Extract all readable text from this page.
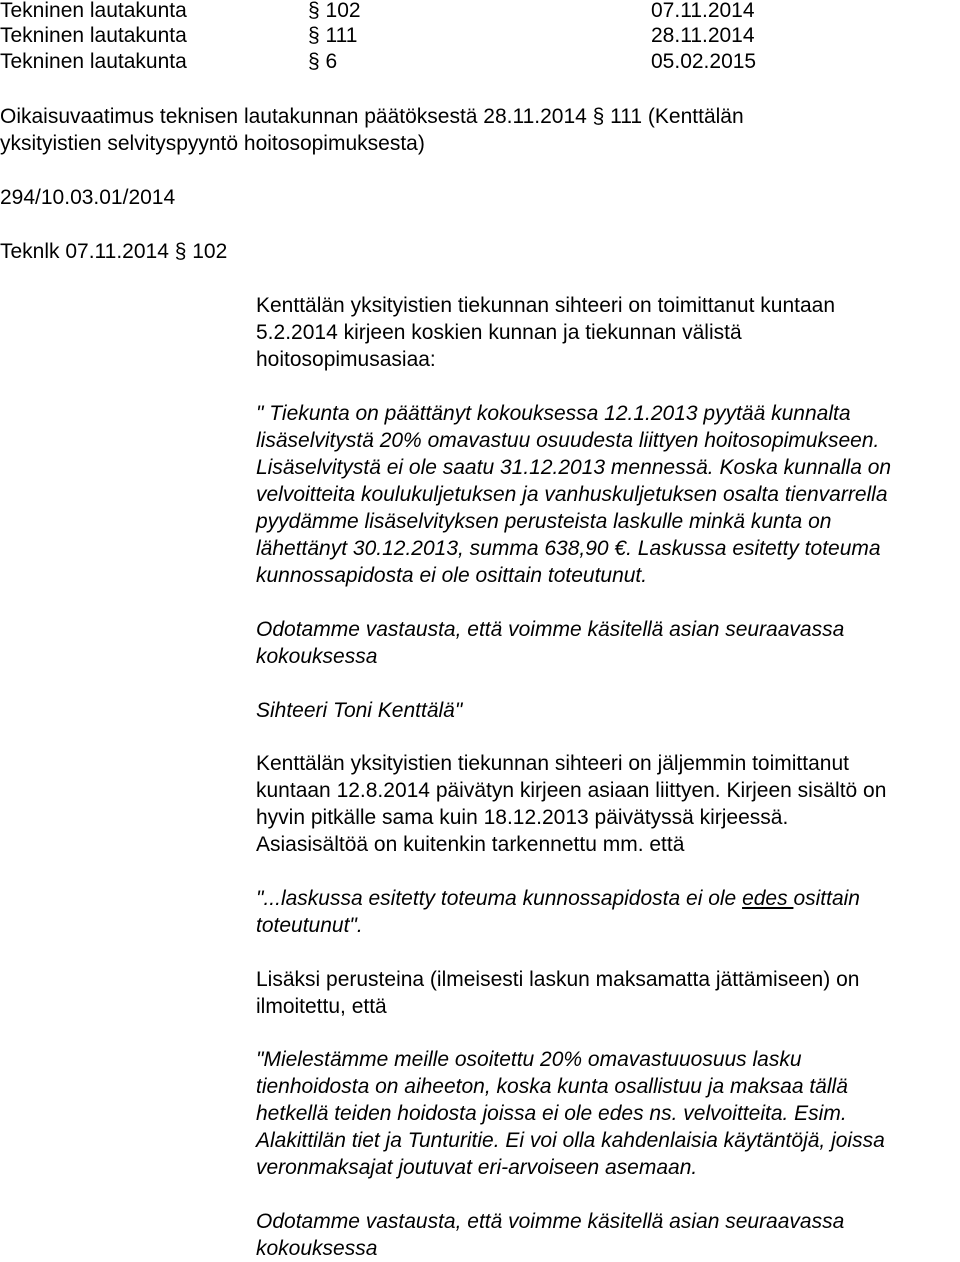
Tekninen lautakunta	§ 102	07.11.2014
Tekninen lautakunta	§ 111	28.11.2014
Tekninen lautakunta	§ 6	05.02.2015
Oikaisuvaatimus teknisen lautakunnan päätöksestä 28.11.2014 § 111 (Kenttälän
yksityistien selvityspyyntö hoitosopimuksesta)
294/10.03.01/2014
Teknlk 07.11.2014 § 102
Kenttälän yksityistien tiekunnan sihteeri on toimittanut kuntaan
5.2.2014 kirjeen koskien kunnan ja tiekunnan välistä
hoitosopimusasiaa:
" Tiekunta on päättänyt kokouksessa 12.1.2013 pyytää kunnalta
lisäselvitystä 20% omavastuu osuudesta liittyen hoitosopimukseen.
Lisäselvitystä ei ole saatu 31.12.2013 mennessä. Koska kunnalla on
velvoitteita koulukuljetuksen ja vanhuskuljetuksen osalta tienvarrella
pyydämme lisäselvityksen perusteista laskulle minkä kunta on
lähettänyt 30.12.2013, summa 638,90 €. Laskussa esitetty toteuma
kunnossapidosta ei ole osittain toteutunut.
Odotamme vastausta, että voimme käsitellä asian seuraavassa
kokouksessa
Sihteeri Toni Kenttälä"
Kenttälän yksityistien tiekunnan sihteeri on jäljemmin toimittanut
kuntaan 12.8.2014 päivätyn kirjeen asiaan liittyen. Kirjeen sisältö on
hyvin pitkälle sama kuin 18.12.2013 päivätyssä kirjeessä.
Asiasisältöä on kuitenkin tarkennettu mm. että
"...laskussa esitetty toteuma kunnossapidosta ei ole edes osittain
toteutunut".
Lisäksi perusteina (ilmeisesti laskun maksamatta jättämiseen) on
ilmoitettu, että
"Mielestämme meille osoitettu 20% omavastuuosuus lasku
tienhoidosta on aiheeton, koska kunta osallistuu ja maksaa tällä
hetkellä teiden hoidosta joissa ei ole edes ns. velvoitteita. Esim.
Alakittilän tiet ja Tunturitie. Ei voi olla kahdenlaisia käytäntöjä, joissa
veronmaksajat joutuvat eri-arvoiseen asemaan.
Odotamme vastausta, että voimme käsitellä asian seuraavassa
kokouksessa
